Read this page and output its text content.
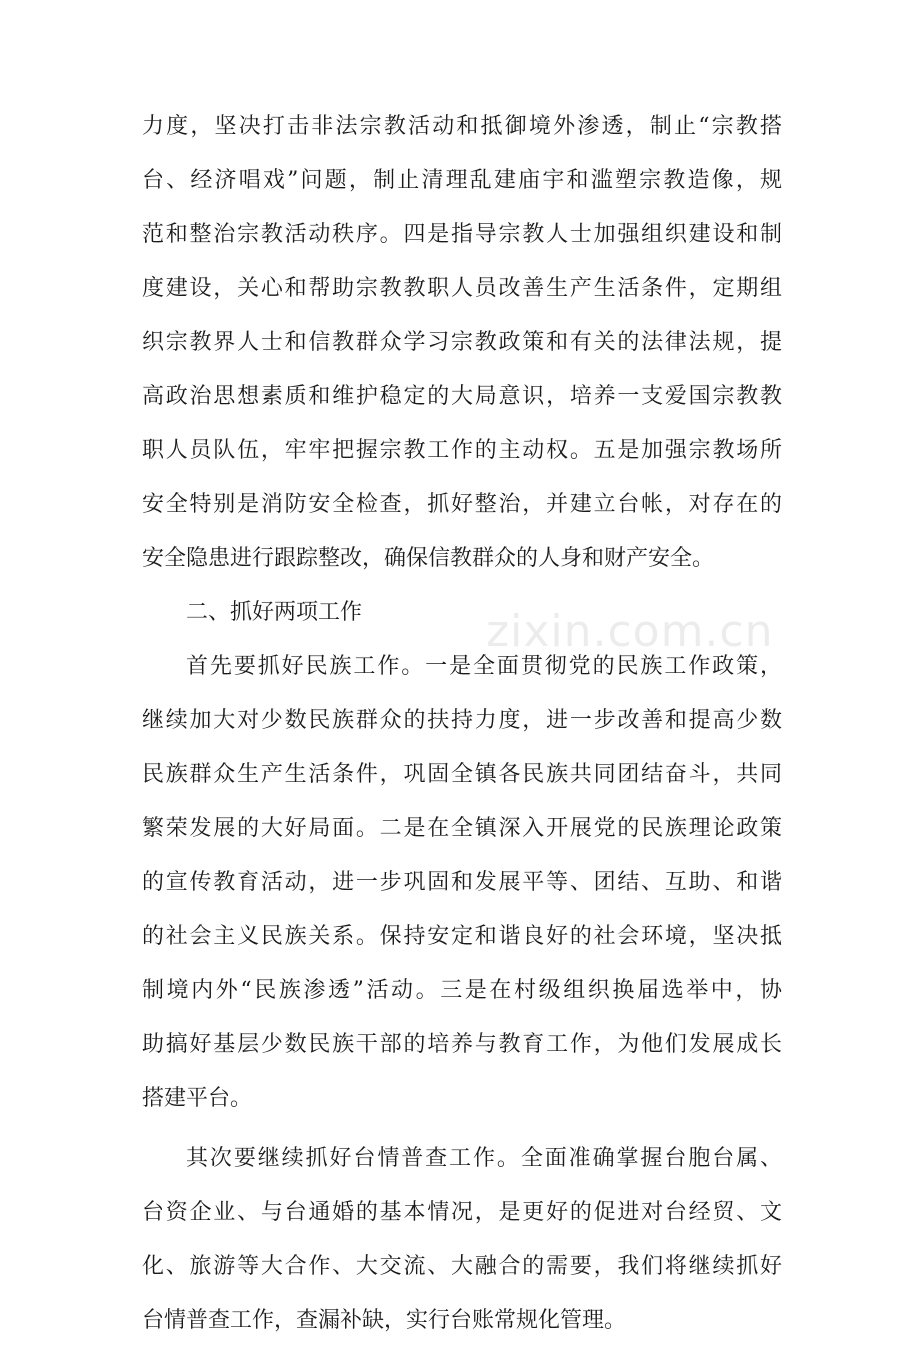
zixin.com.cn
力度，坚决打击非法宗教活动和抵御境外渗透，制止“宗教搭
台、经济唱戏”问题，制止清理乱建庙宇和滥塑宗教造像，规
范和整治宗教活动秩序。四是指导宗教人士加强组织建设和制
度建设，关心和帮助宗教教职人员改善生产生活条件，定期组
织宗教界人士和信教群众学习宗教政策和有关的法律法规，提
高政治思想素质和维护稳定的大局意识，培养一支爱国宗教教
职人员队伍，牢牢把握宗教工作的主动权。五是加强宗教场所
安全特别是消防安全检查，抓好整治，并建立台帐，对存在的
安全隐患进行跟踪整改，确保信教群众的人身和财产安全。
二、抓好两项工作
首先要抓好民族工作。一是全面贯彻党的民族工作政策，
继续加大对少数民族群众的扶持力度，进一步改善和提高少数
民族群众生产生活条件，巩固全镇各民族共同团结奋斗，共同
繁荣发展的大好局面。二是在全镇深入开展党的民族理论政策
的宣传教育活动，进一步巩固和发展平等、团结、互助、和谐
的社会主义民族关系。保持安定和谐良好的社会环境，坚决抵
制境内外“民族渗透”活动。三是在村级组织换届选举中，协
助搞好基层少数民族干部的培养与教育工作，为他们发展成长
搭建平台。
其次要继续抓好台情普查工作。全面准确掌握台胞台属、
台资企业、与台通婚的基本情况，是更好的促进对台经贸、文
化、旅游等大合作、大交流、大融合的需要，我们将继续抓好
台情普查工作，查漏补缺，实行台账常规化管理。
